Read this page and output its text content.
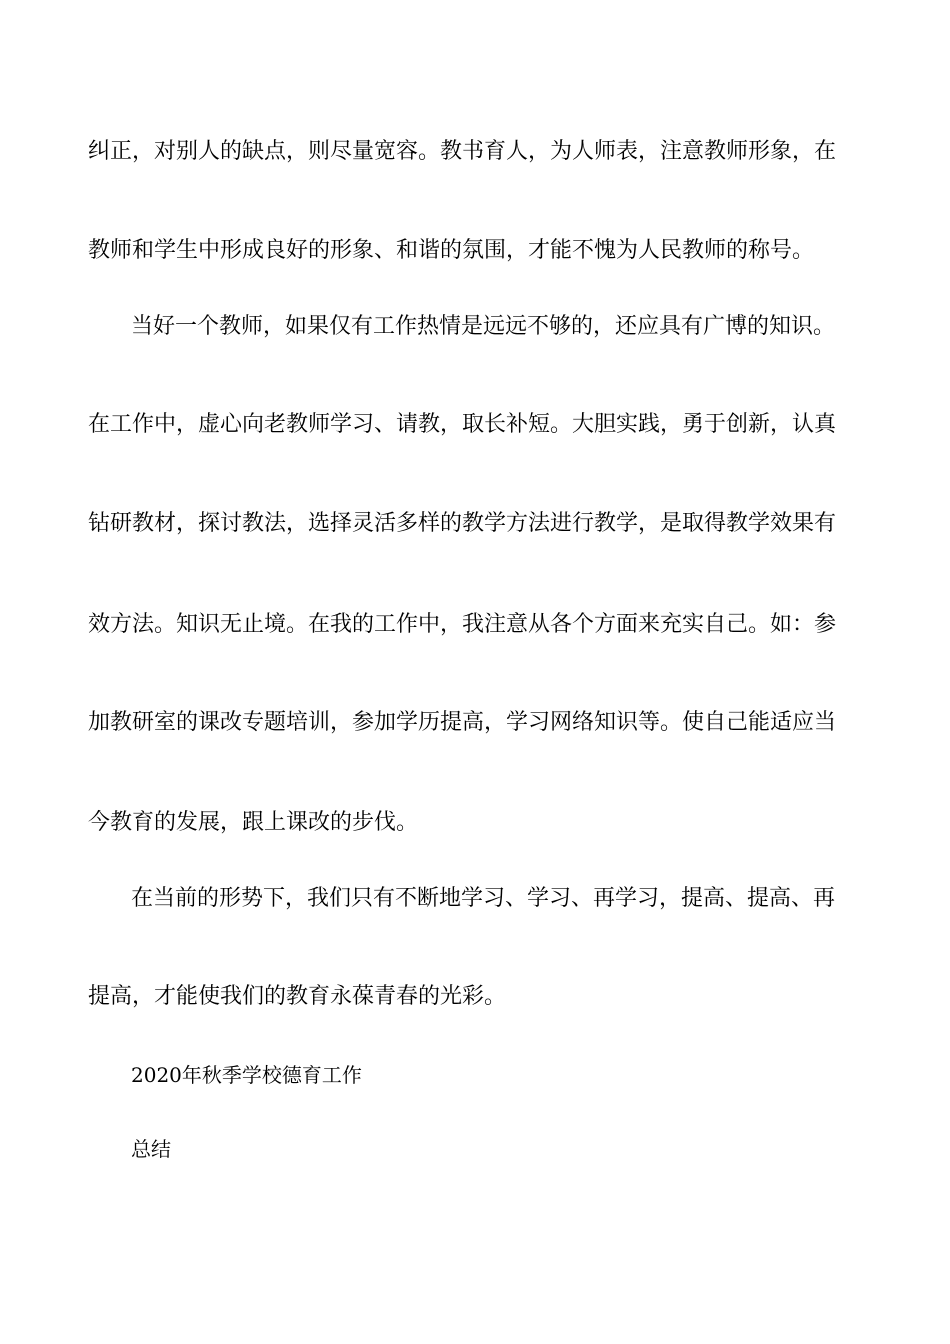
纠正，对别人的缺点，则尽量宽容。教书育人，为人师表，注意教师形象，在
教师和学生中形成良好的形象、和谐的氛围，才能不愧为人民教师的称号。
当好一个教师，如果仅有工作热情是远远不够的，还应具有广博的知识。
在工作中，虚心向老教师学习、请教，取长补短。大胆实践，勇于创新，认真
钻研教材，探讨教法，选择灵活多样的教学方法进行教学，是取得教学效果有
效方法。知识无止境。在我的工作中，我注意从各个方面来充实自己。如：参
加教研室的课改专题培训，参加学历提高，学习网络知识等。使自己能适应当
今教育的发展，跟上课改的步伐。
在当前的形势下，我们只有不断地学习、学习、再学习，提高、提高、再
提高，才能使我们的教育永葆青春的光彩。
2020年秋季学校德育工作
总结
